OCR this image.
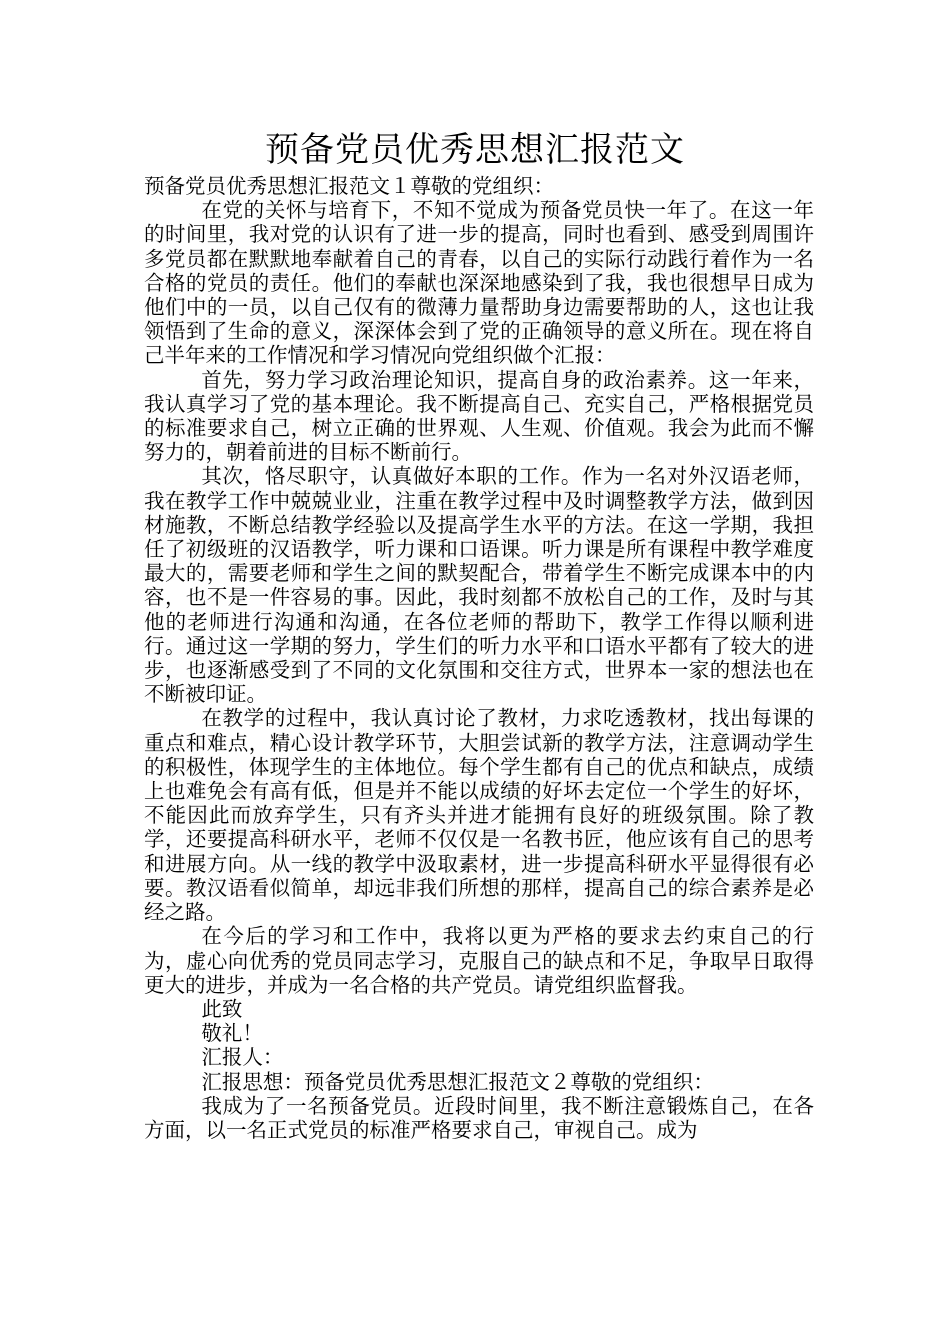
预备党员优秀思想汇报范文

预备党员优秀思想汇报范文１尊敬的党组织：

在党的关怀与培育下，不知不觉成为预备党员快一年了。在这一年的时间里，我对党的认识有了进一步的提高，同时也看到、感受到周围许多党员都在默默地奉献着自己的青春，以自己的实际行动践行着作为一名合格的党员的责任。他们的奉献也深深地感染到了我，我也很想早日成为他们中的一员，以自己仅有的微薄力量帮助身边需要帮助的人，这也让我领悟到了生命的意义，深深体会到了党的正确领导的意义所在。现在将自己半年来的工作情况和学习情况向党组织做个汇报：

首先，努力学习政治理论知识，提高自身的政治素养。这一年来，我认真学习了党的基本理论。我不断提高自己、充实自己，严格根据党员的标准要求自己，树立正确的世界观、人生观、价值观。我会为此而不懈努力的，朝着前进的目标不断前行。

其次，恪尽职守，认真做好本职的工作。作为一名对外汉语老师，我在教学工作中兢兢业业，注重在教学过程中及时调整教学方法，做到因材施教，不断总结教学经验以及提高学生水平的方法。在这一学期，我担任了初级班的汉语教学，听力课和口语课。听力课是所有课程中教学难度最大的，需要老师和学生之间的默契配合，带着学生不断完成课本中的内容，也不是一件容易的事。因此，我时刻都不放松自己的工作，及时与其他的老师进行沟通和沟通，在各位老师的帮助下，教学工作得以顺利进行。通过这一学期的努力，学生们的听力水平和口语水平都有了较大的进步，也逐渐感受到了不同的文化氛围和交往方式，世界本一家的想法也在不断被印证。

在教学的过程中，我认真讨论了教材，力求吃透教材，找出每课的重点和难点，精心设计教学环节，大胆尝试新的教学方法，注意调动学生的积极性，体现学生的主体地位。每个学生都有自己的优点和缺点，成绩上也难免会有高有低，但是并不能以成绩的好坏去定位一个学生的好坏，不能因此而放弃学生，只有齐头并进才能拥有良好的班级氛围。除了教学，还要提高科研水平，老师不仅仅是一名教书匠，他应该有自己的思考和进展方向。从一线的教学中汲取素材，进一步提高科研水平显得很有必要。教汉语看似简单，却远非我们所想的那样，提高自己的综合素养是必经之路。

在今后的学习和工作中，我将以更为严格的要求去约束自己的行为，虚心向优秀的党员同志学习，克服自己的缺点和不足，争取早日取得更大的进步，并成为一名合格的共产党员。请党组织监督我。

此致

敬礼！

汇报人：

汇报思想：预备党员优秀思想汇报范文２尊敬的党组织：

我成为了一名预备党员。近段时间里，我不断注意锻炼自己，在各方面，以一名正式党员的标准严格要求自己，审视自己。成为
